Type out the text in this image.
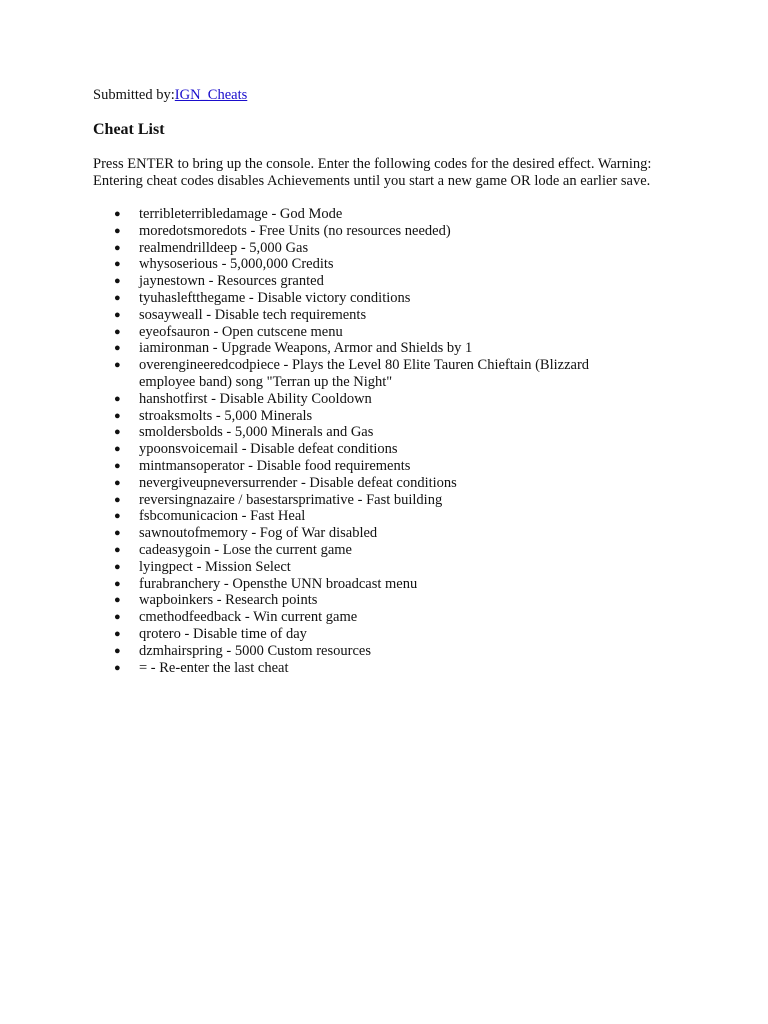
Submitted by:IGN_Cheats

Cheat List

Press ENTER to bring up the console. Enter the following codes for the desired effect. Warning: Entering cheat codes disables Achievements until you start a new game OR lode an earlier save.

● terribleterribledamage - God Mode
● moredotsmoredots - Free Units (no resources needed)
● realmendrilldeep - 5,000 Gas
● whysoserious - 5,000,000 Credits
● jaynestown - Resources granted
● tyuhasleftthegame - Disable victory conditions
● sosayweall - Disable tech requirements
● eyeofsauron - Open cutscene menu
● iamironman - Upgrade Weapons, Armor and Shields by 1
● overengineeredcodpiece - Plays the Level 80 Elite Tauren Chieftain (Blizzard employee band) song "Terran up the Night"
● hanshotfirst - Disable Ability Cooldown
● stroaksmolts - 5,000 Minerals
● smoldersbolds - 5,000 Minerals and Gas
● ypoonsvoicemail - Disable defeat conditions
● mintmansoperator - Disable food requirements
● nevergiveupneversurrender - Disable defeat conditions
● reversingnazaire / basestarsprimative - Fast building
● fsbcomunicacion - Fast Heal
● sawnoutofmemory - Fog of War disabled
● cadeasygoin - Lose the current game
● lyingpect - Mission Select
● furabranchery - Opensthe UNN broadcast menu
● wapboinkers - Research points
● cmethodfeedback - Win current game
● qrotero - Disable time of day
● dzmhairspring - 5000 Custom resources
● = - Re-enter the last cheat
